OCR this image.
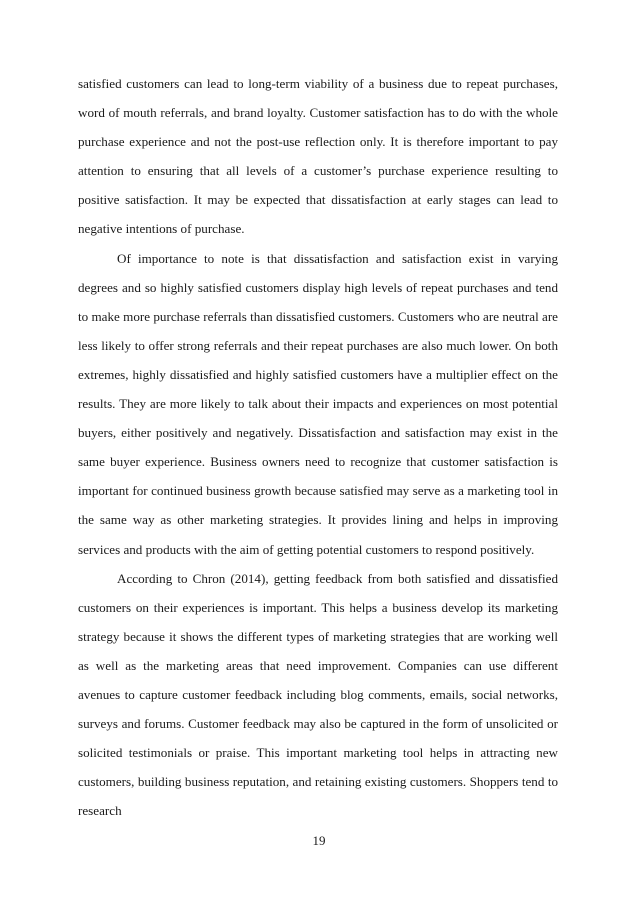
satisfied customers can lead to long-term viability of a business due to repeat purchases, word of mouth referrals, and brand loyalty. Customer satisfaction has to do with the whole purchase experience and not the post-use reflection only. It is therefore important to pay attention to ensuring that all levels of a customer’s purchase experience resulting to positive satisfaction. It may be expected that dissatisfaction at early stages can lead to negative intentions of purchase.

Of importance to note is that dissatisfaction and satisfaction exist in varying degrees and so highly satisfied customers display high levels of repeat purchases and tend to make more purchase referrals than dissatisfied customers. Customers who are neutral are less likely to offer strong referrals and their repeat purchases are also much lower. On both extremes, highly dissatisfied and highly satisfied customers have a multiplier effect on the results. They are more likely to talk about their impacts and experiences on most potential buyers, either positively and negatively. Dissatisfaction and satisfaction may exist in the same buyer experience. Business owners need to recognize that customer satisfaction is important for continued business growth because satisfied may serve as a marketing tool in the same way as other marketing strategies. It provides lining and helps in improving services and products with the aim of getting potential customers to respond positively.

According to Chron (2014), getting feedback from both satisfied and dissatisfied customers on their experiences is important. This helps a business develop its marketing strategy because it shows the different types of marketing strategies that are working well as well as the marketing areas that need improvement. Companies can use different avenues to capture customer feedback including blog comments, emails, social networks, surveys and forums. Customer feedback may also be captured in the form of unsolicited or solicited testimonials or praise. This important marketing tool helps in attracting new customers, building business reputation, and retaining existing customers. Shoppers tend to research

19
